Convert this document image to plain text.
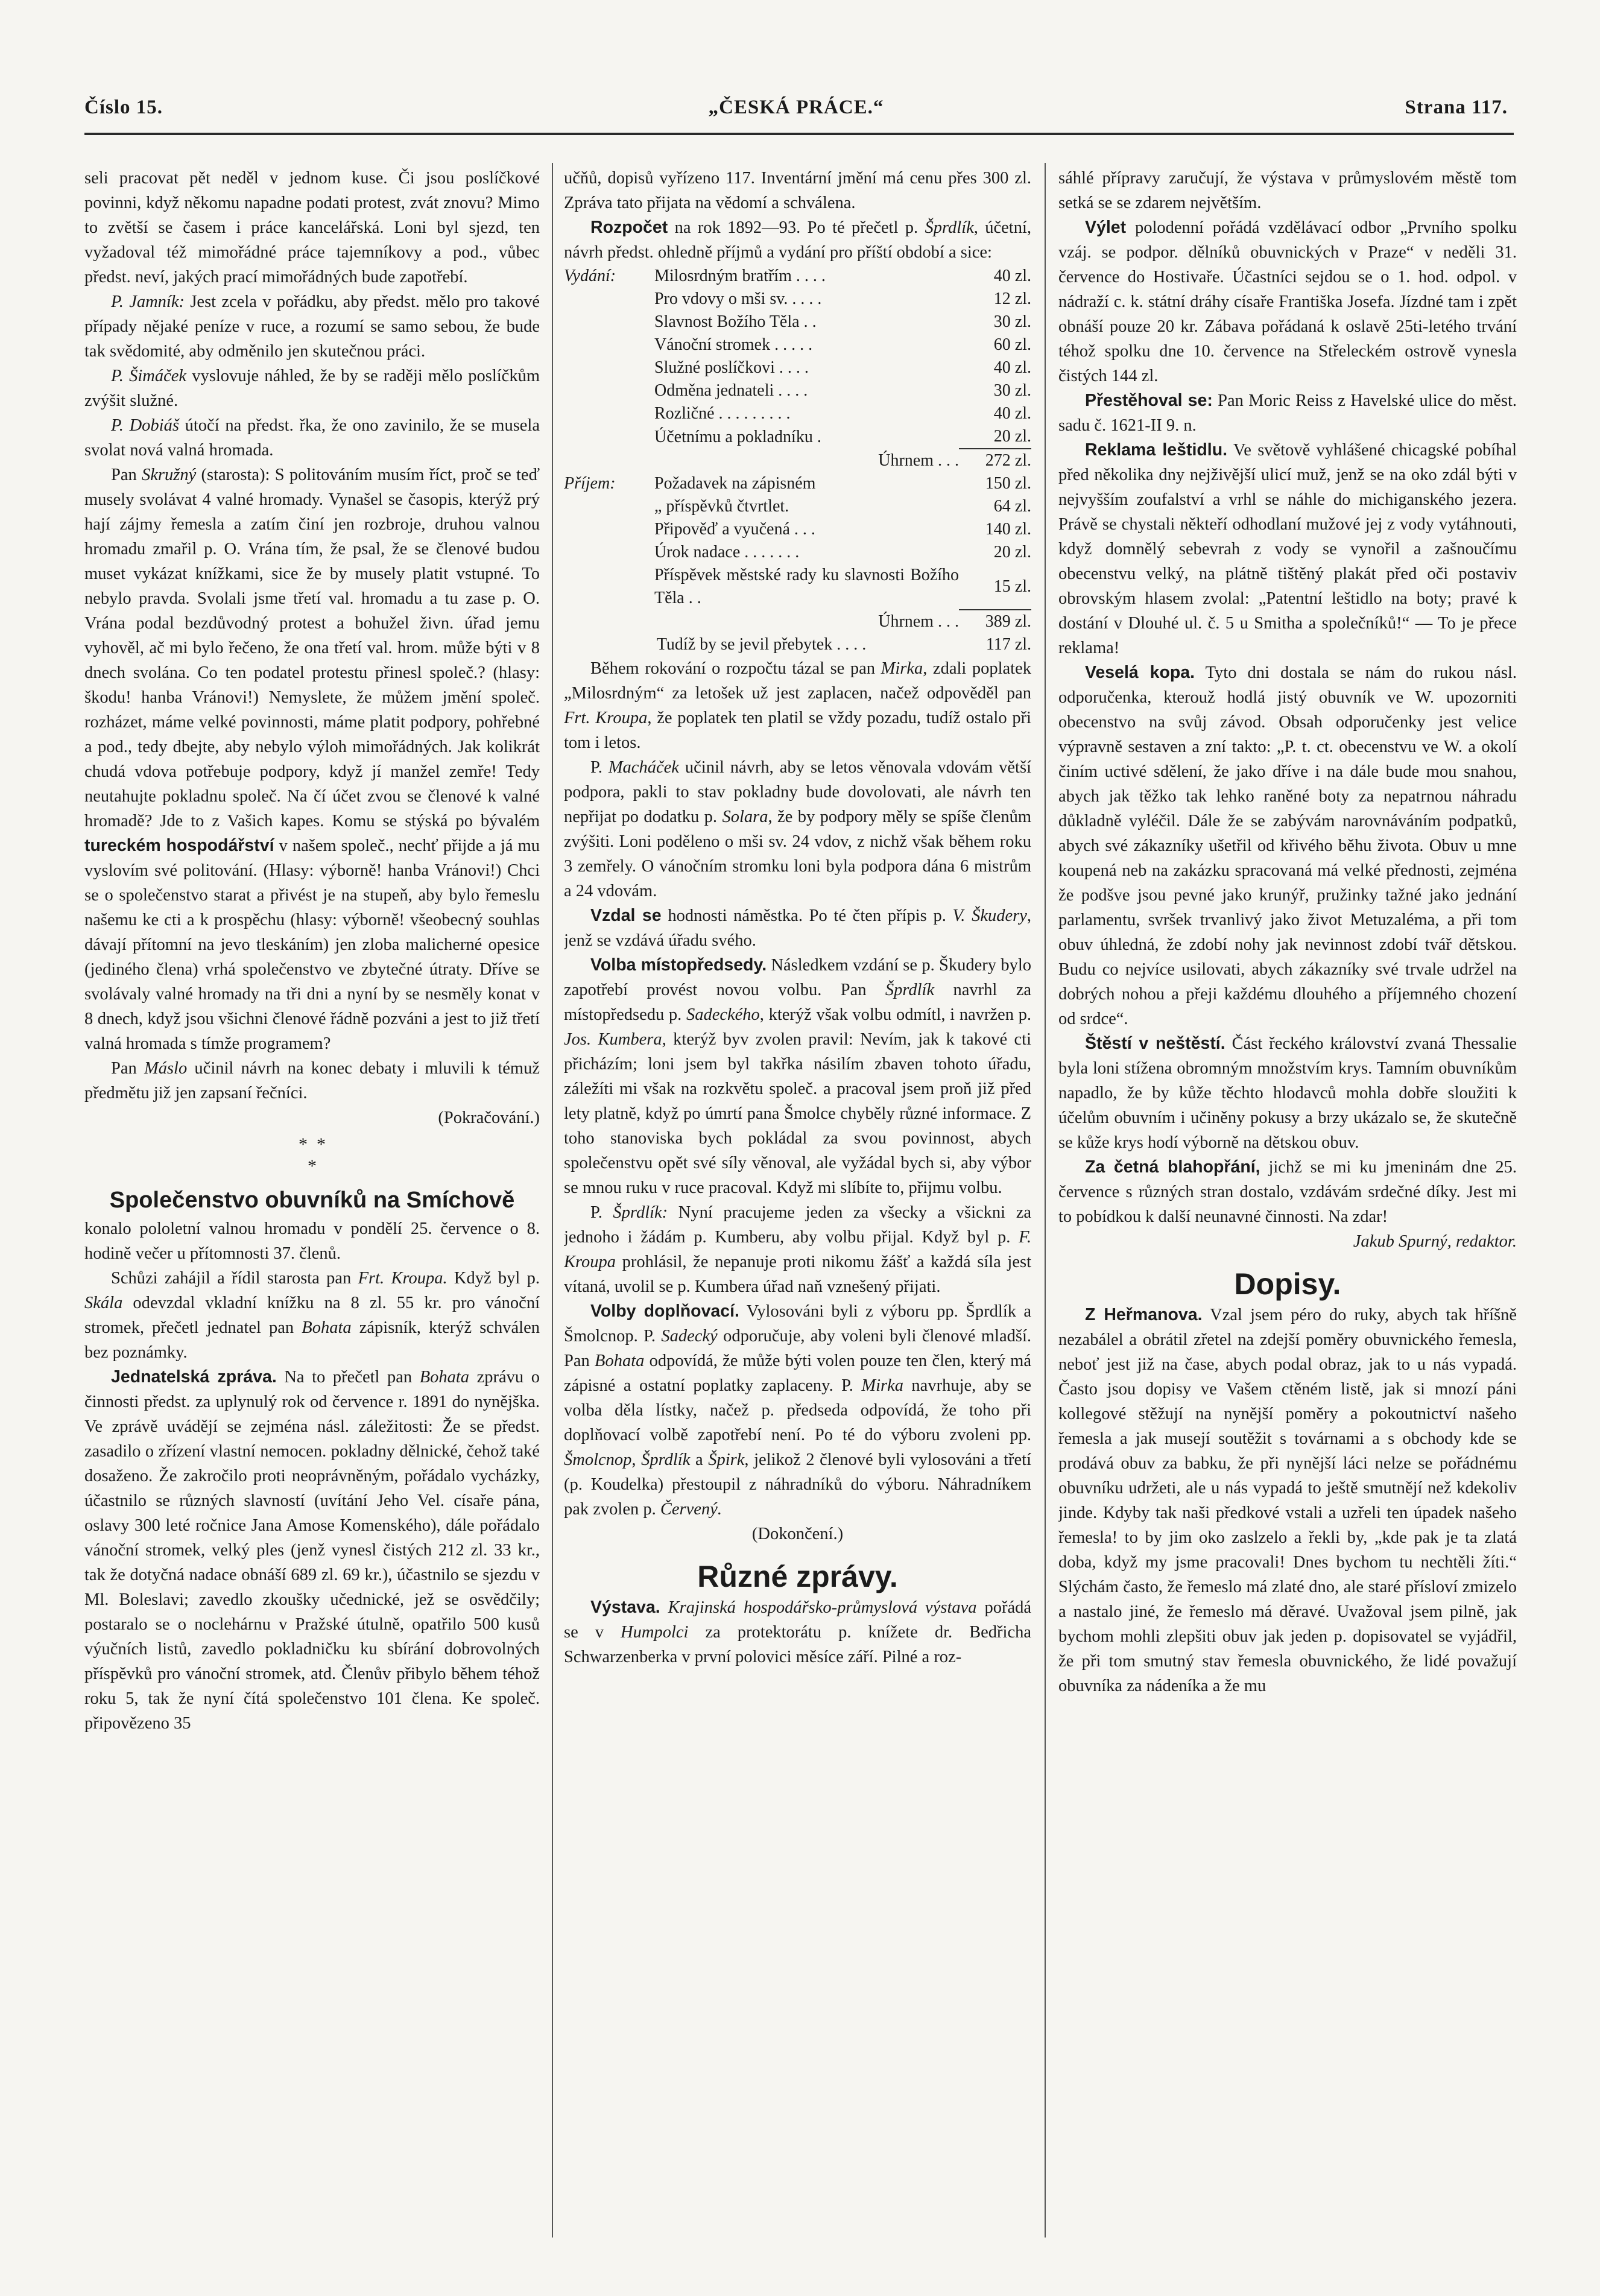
Číslo 15.	„ČESKÁ PRÁCE.“	Strana 117.

seli pracovat pět neděl v jednom kuse. Či jsou poslíčkové povinni, když někomu napadne podati protest, zvát znovu? Mimo to zvětší se časem i práce kancelářská. Loni byl sjezd, ten vyžadoval též mimořádné práce tajemníkovy a pod., vůbec předst. neví, jakých prací mimořádných bude zapotřebí.

P. Jamník: Jest zcela v pořádku, aby předst. mělo pro takové případy nějaké peníze v ruce, a rozumí se samo sebou, že bude tak svědomité, aby odměnilo jen skutečnou práci.

P. Šimáček vyslovuje náhled, že by se raději mělo poslíčkům zvýšit služné.

P. Dobiáš útočí na předst. řka, že ono zavinilo, že se musela svolat nová valná hromada.

Pan Skružný (starosta): S politováním musím říct, proč se teď musely svolávat 4 valné hromady. Vynašel se časopis, kterýž prý hají zájmy řemesla a zatím činí jen rozbroje, druhou valnou hromadu zmařil p. O. Vrána tím, že psal, že se členové budou muset vykázat knížkami, sice že by musely platit vstupné. To nebylo pravda. Svolali jsme třetí val. hromadu a tu zase p. O. Vrána podal bezdůvodný protest a bohužel živn. úřad jemu vyhověl, ač mi bylo řečeno, že ona třetí val. hrom. může býti v 8 dnech svolána. Co ten podatel protestu přinesl společ.? (hlasy: škodu! hanba Vránovi!) Nemyslete, že můžem jmění společ. rozházet, máme velké povinnosti, máme platit podpory, pohřebné a pod., tedy dbejte, aby nebylo výloh mimořádných. Jak kolikrát chudá vdova potřebuje podpory, když jí manžel zemře! Tedy neutahujte pokladnu společ. Na čí účet zvou se členové k valné hromadě? Jde to z Vašich kapes. Komu se stýská po bývalém tureckém hospodářství v našem společ., nechť přijde a já mu vyslovím své politování. (Hlasy: výborně! hanba Vránovi!) Chci se o společenstvo starat a přivést je na stupeň, aby bylo řemeslu našemu ke cti a k prospěchu (hlasy: výborně! všeobecný souhlas dávají přítomní na jevo tleskáním) jen zloba malicherné opesice (jediného člena) vrhá společenstvo ve zbytečné útraty. Dříve se svolávaly valné hromady na tři dni a nyní by se nesměly konat v 8 dnech, když jsou všichni členové řádně pozváni a jest to již třetí valná hromada s tímže programem?

Pan Máslo učinil návrh na konec debaty i mluvili k témuž předmětu již jen zapsaní řečníci.

(Pokračování.)
*  *
*
Společenstvo obuvníků na Smíchově

konalo pololetní valnou hromadu v pondělí 25. července o 8. hodině večer u přítomnosti 37. členů.

Schůzi zahájil a řídil starosta pan Frt. Kroupa. Když byl p. Skála odevzdal vkladní knížku na 8 zl. 55 kr. pro vánoční stromek, přečetl jednatel pan Bohata zápisník, kterýž schválen bez poznámky.

Jednatelská zpráva. Na to přečetl pan Bohata zprávu o činnosti předst. za uplynulý rok od července r. 1891 do nynějška. Ve zprávě uvádějí se zejména násl. záležitosti: Že se předst. zasadilo o zřízení vlastní nemocen. pokladny dělnické, čehož také dosaženo. Že zakročilo proti neoprávněným, pořádalo vycházky, účastnilo se různých slavností (uvítání Jeho Vel. císaře pána, oslavy 300 leté ročnice Jana Amose Komenského), dále pořádalo vánoční stromek, velký ples (jenž vynesl čistých 212 zl. 33 kr., tak že dotyčná nadace obnáší 689 zl. 69 kr.), účastnilo se sjezdu v Ml. Boleslavi; zavedlo zkoušky učednické, jež se osvědčily; postaralo se o noclehárnu v Pražské útulně, opatřilo 500 kusů výučních listů, zavedlo pokladničku ku sbírání dobrovolných příspěvků pro vánoční stromek, atd. Členův přibylo během téhož roku 5, tak že nyní čítá společenstvo 101 člena. Ke společ. připovězeno 35

učňů, dopisů vyřízeno 117. Inventární jmění má cenu přes 300 zl. Zpráva tato přijata na vědomí a schválena.

Rozpočet na rok 1892—93. Po té přečetl p. Šprdlík, účetní, návrh předst. ohledně příjmů a vydání pro příští období a sice:

Vydání:	Milosrdným bratřím . . . .	40 zl.
	Pro vdovy o mši sv. . . . .	12 zl.
	Slavnost Božího Těla . .	30 zl.
	Vánoční stromek . . . . .	60 zl.
	Služné poslíčkovi . . . .	40 zl.
	Odměna jednateli . . . .	30 zl.
	Rozličné . . . . . . . . .	40 zl.
	Účetnímu a pokladníku .	20 zl.
	Úhrnem . . .	272 zl.
Příjem:	Požadavek na zápisném	150 zl.
	„ příspěvků čtvrtlet.	64 zl.
	Připověď a vyučená . . .	140 zl.
	Úrok nadace . . . . . . .	20 zl.
	Příspěvek městské rady ku slavnosti Božího Těla . .	15 zl.
	Úhrnem . . .	389 zl.
Tudíž by se jevil přebytek . . . .		117 zl.

Během rokování o rozpočtu tázal se pan Mirka, zdali poplatek „Milosrdným“ za letošek už jest zaplacen, načež odpověděl pan Frt. Kroupa, že poplatek ten platil se vždy pozadu, tudíž ostalo při tom i letos.

P. Macháček učinil návrh, aby se letos věnovala vdovám větší podpora, pakli to stav pokladny bude dovolovati, ale návrh ten nepřijat po dodatku p. Solara, že by podpory měly se spíše členům zvýšiti. Loni poděleno o mši sv. 24 vdov, z nichž však během roku 3 zemřely. O vánočním stromku loni byla podpora dána 6 mistrům a 24 vdovám.

Vzdal se hodnosti náměstka. Po té čten přípis p. V. Škudery, jenž se vzdává úřadu svého.

Volba místopředsedy. Následkem vzdání se p. Škudery bylo zapotřebí provést novou volbu. Pan Šprdlík navrhl za místopředsedu p. Sadeckého, kterýž však volbu odmítl, i navržen p. Jos. Kumbera, kterýž byv zvolen pravil: Nevím, jak k takové cti přicházím; loni jsem byl takřka násilím zbaven tohoto úřadu, záležíti mi však na rozkvětu společ. a pracoval jsem proň již před lety platně, když po úmrtí pana Šmolce chyběly různé informace. Z toho stanoviska bych pokládal za svou povinnost, abych společenstvu opět své síly věnoval, ale vyžádal bych si, aby výbor se mnou ruku v ruce pracoval. Když mi slíbíte to, přijmu volbu.

P. Šprdlík: Nyní pracujeme jeden za všecky a všickni za jednoho i žádám p. Kumberu, aby volbu přijal. Když byl p. F. Kroupa prohlásil, že nepanuje proti nikomu žášť a každá síla jest vítaná, uvolil se p. Kumbera úřad naň vznešený přijati.

Volby doplňovací. Vylosováni byli z výboru pp. Šprdlík a Šmolcnop. P. Sadecký odporučuje, aby voleni byli členové mladší. Pan Bohata odpovídá, že může býti volen pouze ten člen, který má zápisné a ostatní poplatky zaplaceny. P. Mirka navrhuje, aby se volba děla lístky, načež p. předseda odpovídá, že toho při doplňovací volbě zapotřebí není. Po té do výboru zvoleni pp. Šmolcnop, Šprdlík a Špirk, jelikož 2 členové byli vylosováni a třetí (p. Koudelka) přestoupil z náhradníků do výboru. Náhradníkem pak zvolen p. Červený.

(Dokončení.)
Různé zprávy.

Výstava. Krajinská hospodářsko-průmyslová výstava pořádá se v Humpolci za protektorátu p. knížete dr. Bedřicha Schwarzenberka v první polovici měsíce září. Pilné a roz-

sáhlé přípravy zaručují, že výstava v průmyslovém městě tom setká se se zdarem největším.

Výlet polodenní pořádá vzdělávací odbor „Prvního spolku vzáj. se podpor. dělníků obuvnických v Praze“ v neděli 31. července do Hostivaře. Účastníci sejdou se o 1. hod. odpol. v nádraží c. k. státní dráhy císaře Františka Josefa. Jízdné tam i zpět obnáší pouze 20 kr. Zábava pořádaná k oslavě 25ti-letého trvání téhož spolku dne 10. července na Střeleckém ostrově vynesla čistých 144 zl.

Přestěhoval se: Pan Moric Reiss z Havelské ulice do měst. sadu č. 1621-II 9. n.

Reklama leštidlu. Ve světově vyhlášené chicagské pobíhal před několika dny nejživější ulicí muž, jenž se na oko zdál býti v nejvyšším zoufalství a vrhl se náhle do michiganského jezera. Právě se chystali někteří odhodlaní mužové jej z vody vytáhnouti, když domnělý sebevrah z vody se vynořil a zašnoučímu obecenstvu velký, na plátně tištěný plakát před oči postaviv obrovským hlasem zvolal: „Patentní leštidlo na boty; pravé k dostání v Dlouhé ul. č. 5 u Smitha a společníků!“ — To je přece reklama!

Veselá kopa. Tyto dni dostala se nám do rukou násl. odporučenka, kterouž hodlá jistý obuvník ve W. upozorniti obecenstvo na svůj závod. Obsah odporučenky jest velice výpravně sestaven a zní takto: „P. t. ct. obecenstvu ve W. a okolí činím uctivé sdělení, že jako dříve i na dále bude mou snahou, abych jak těžko tak lehko raněné boty za nepatrnou náhradu důkladně vyléčil. Dále že se zabývám narovnáváním podpatků, abych své zákazníky ušetřil od křivého běhu života. Obuv u mne koupená neb na zakázku spracovaná má velké přednosti, zejména že podšve jsou pevné jako krunýř, pružinky tažné jako jednání parlamentu, svršek trvanlivý jako život Metuzaléma, a při tom obuv úhledná, že zdobí nohy jak nevinnost zdobí tvář dětskou. Budu co nejvíce usilovati, abych zákazníky své trvale udržel na dobrých nohou a přeji každému dlouhého a příjemného chození od srdce“.

Štěstí v neštěstí. Část řeckého království zvaná Thessalie byla loni stížena obromným množstvím krys. Tamním obuvníkům napadlo, že by kůže těchto hlodavců mohla dobře sloužiti k účelům obuvním i učiněny pokusy a brzy ukázalo se, že skutečně se kůže krys hodí výborně na dětskou obuv.

Za četná blahopřání, jichž se mi ku jmeninám dne 25. července s různých stran dostalo, vzdávám srdečné díky. Jest mi to pobídkou k další neunavné činnosti. Na zdar!

Jakub Spurný, redaktor.
Dopisy.

Z Heřmanova. Vzal jsem péro do ruky, abych tak hříšně nezabálel a obrátil zřetel na zdejší poměry obuvnického řemesla, neboť jest již na čase, abych podal obraz, jak to u nás vypadá. Často jsou dopisy ve Vašem ctěném listě, jak si mnozí páni kollegové stěžují na nynější poměry a pokoutnictví našeho řemesla a jak musejí soutěžit s továrnami a s obchody kde se prodává obuv za babku, že při nynější láci nelze se pořádnému obuvníku udržeti, ale u nás vypadá to ještě smutnějí než kdekoliv jinde. Kdyby tak naši předkové vstali a uzřeli ten úpadek našeho řemesla! to by jim oko zaslzelo a řekli by, „kde pak je ta zlatá doba, když my jsme pracovali! Dnes bychom tu nechtěli žíti.“ Slýchám často, že řemeslo má zlaté dno, ale staré přísloví zmizelo a nastalo jiné, že řemeslo má děravé. Uvažoval jsem pilně, jak bychom mohli zlepšiti obuv jak jeden p. dopisovatel se vyjádřil, že při tom smutný stav řemesla obuvnického, že lidé považují obuvníka za nádeníka a že mu
